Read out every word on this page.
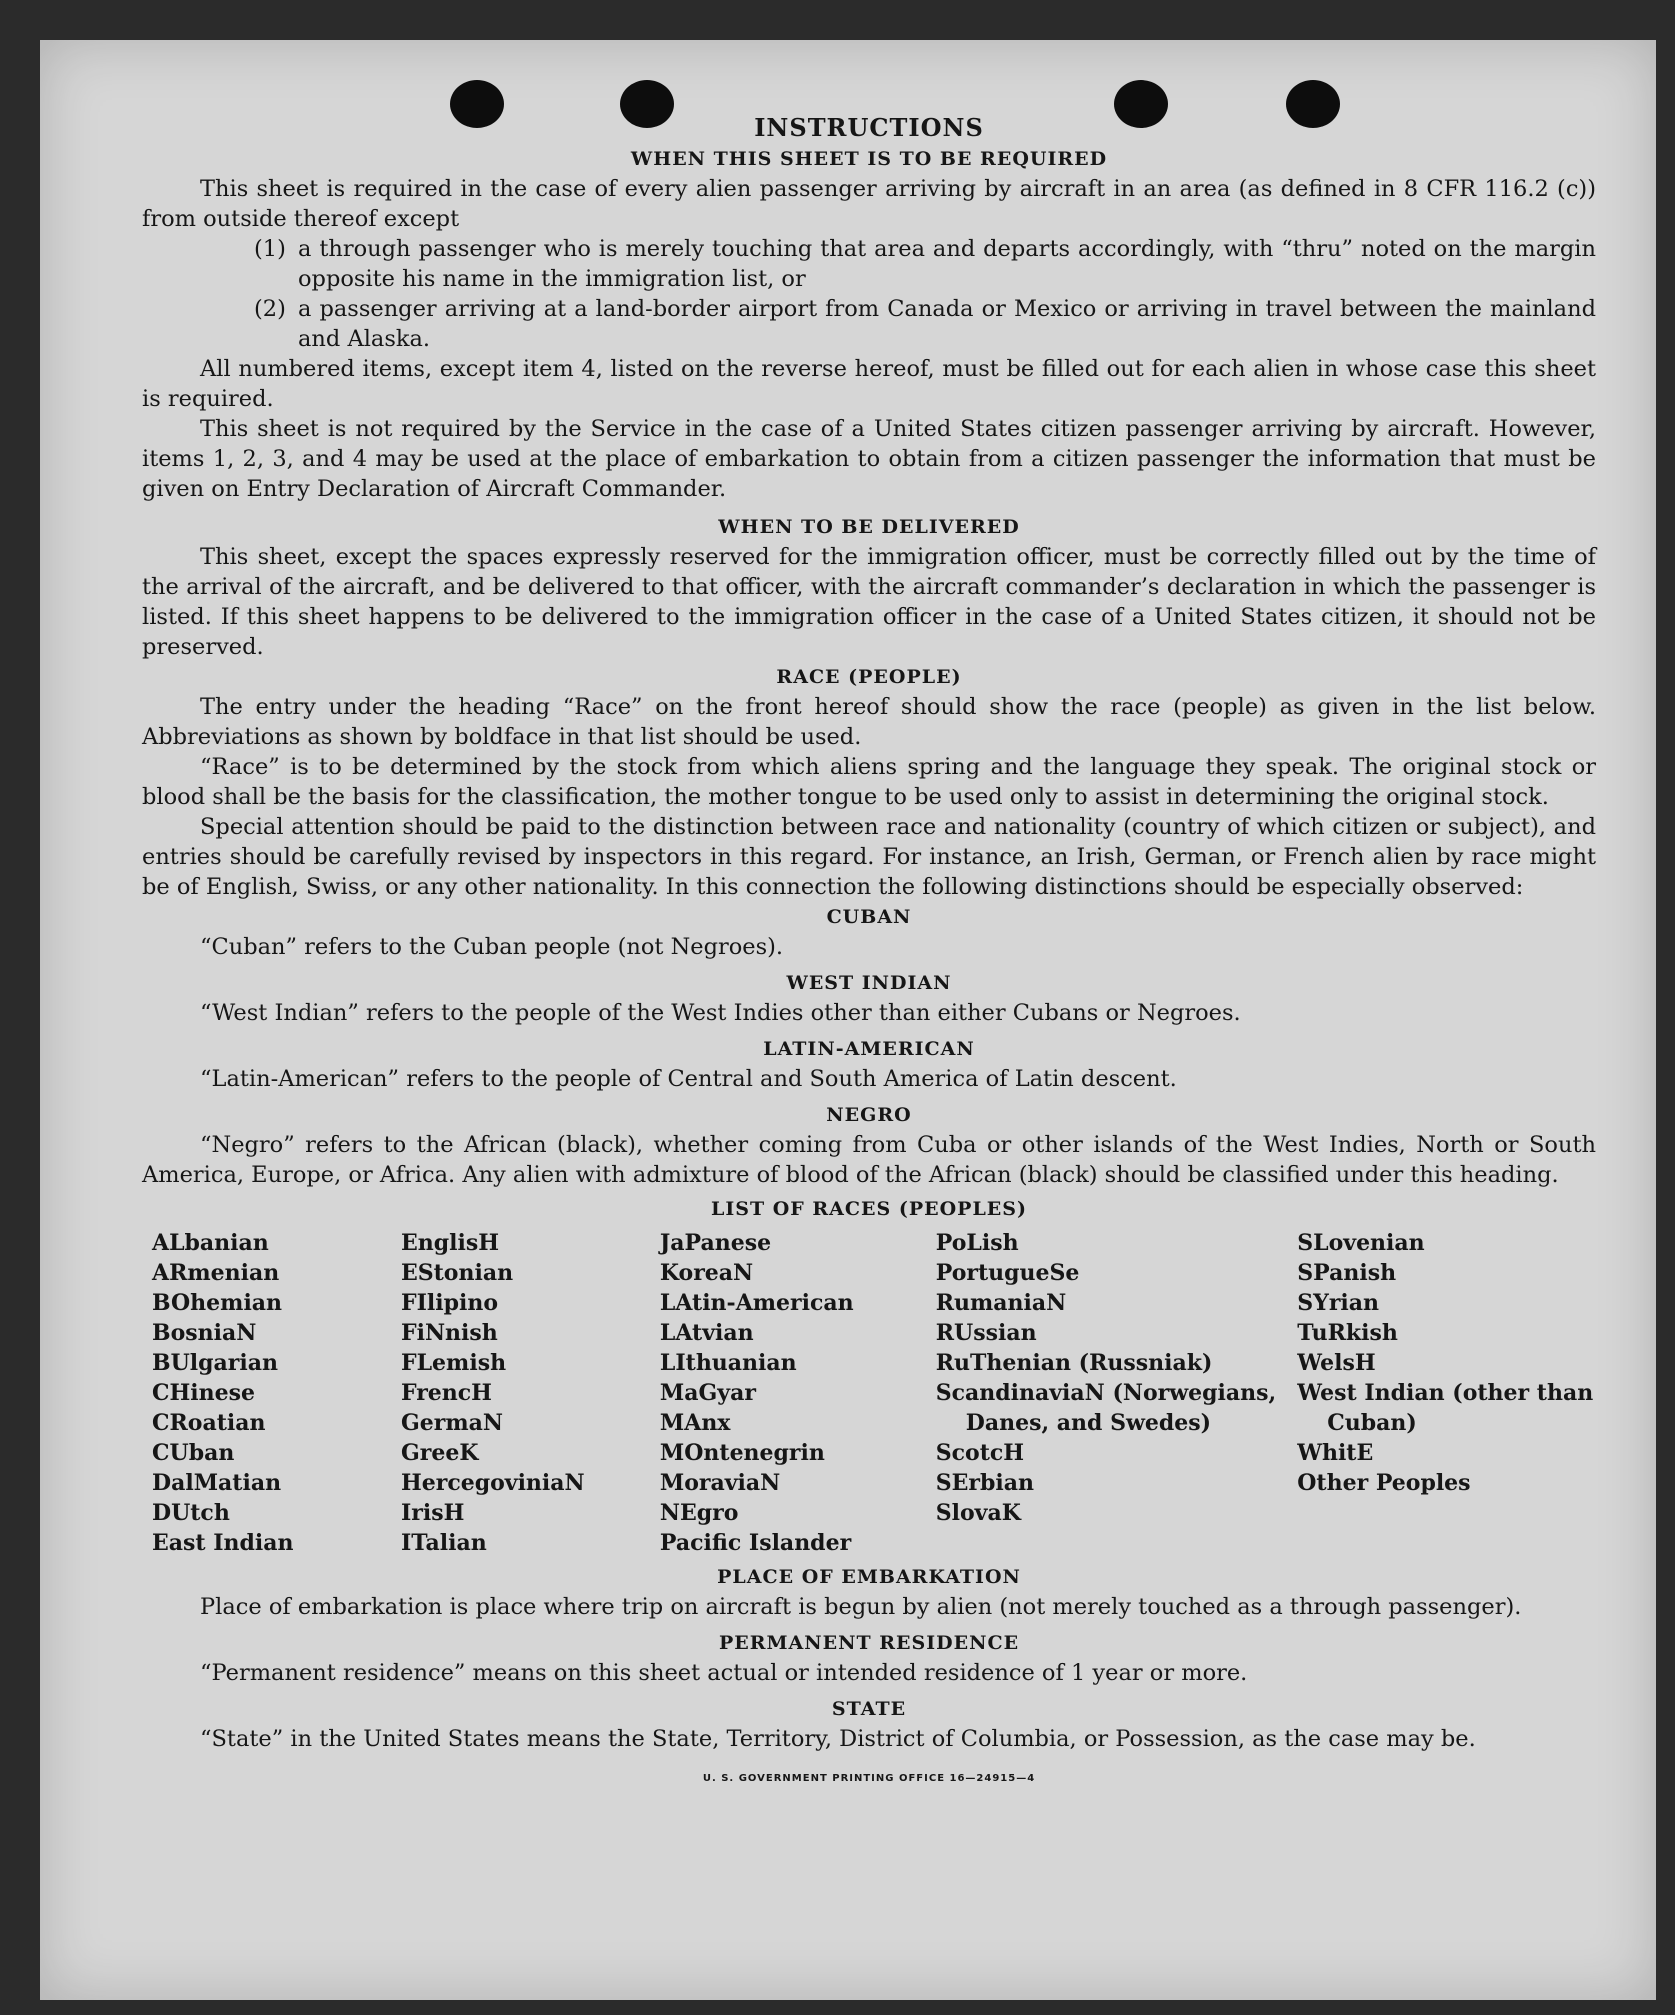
INSTRUCTIONS
WHEN THIS SHEET IS TO BE REQUIRED

This sheet is required in the case of every alien passenger arriving by aircraft in an area (as defined in 8 CFR 116.2 (c)) from outside thereof except

(1) a through passenger who is merely touching that area and departs accordingly, with “thru” noted on the margin opposite his name in the immigration list, or
(2) a passenger arriving at a land-border airport from Canada or Mexico or arriving in travel between the mainland and Alaska.

All numbered items, except item 4, listed on the reverse hereof, must be filled out for each alien in whose case this sheet is required.

This sheet is not required by the Service in the case of a United States citizen passenger arriving by aircraft. However, items 1, 2, 3, and 4 may be used at the place of embarkation to obtain from a citizen passenger the information that must be given on Entry Declaration of Aircraft Commander.

WHEN TO BE DELIVERED

This sheet, except the spaces expressly reserved for the immigration officer, must be correctly filled out by the time of the arrival of the aircraft, and be delivered to that officer, with the aircraft commander’s declaration in which the passenger is listed. If this sheet happens to be delivered to the immigration officer in the case of a United States citizen, it should not be preserved.

RACE (PEOPLE)

The entry under the heading “Race” on the front hereof should show the race (people) as given in the list below. Abbreviations as shown by boldface in that list should be used.

“Race” is to be determined by the stock from which aliens spring and the language they speak. The original stock or blood shall be the basis for the classification, the mother tongue to be used only to assist in determining the original stock.

Special attention should be paid to the distinction between race and nationality (country of which citizen or subject), and entries should be carefully revised by inspectors in this regard. For instance, an Irish, German, or French alien by race might be of English, Swiss, or any other nationality. In this connection the following distinctions should be especially observed:

CUBAN

“Cuban” refers to the Cuban people (not Negroes).

WEST INDIAN

“West Indian” refers to the people of the West Indies other than either Cubans or Negroes.

LATIN-AMERICAN

“Latin-American” refers to the people of Central and South America of Latin descent.

NEGRO

“Negro” refers to the African (black), whether coming from Cuba or other islands of the West Indies, North or South America, Europe, or Africa. Any alien with admixture of blood of the African (black) should be classified under this heading.

LIST OF RACES (PEOPLES)
ALbanian
ARmenian
BOhemian
BosniaN
BUlgarian
CHinese
CRoatian
CUban
DalMatian
DUtch
East Indian
EnglisH
EStonian
FIlipino
FiNnish
FLemish
FrencH
GermaN
GreeK
HercegoviniaN
IrisH
ITalian
JaPanese
KoreaN
LAtin-American
LAtvian
LIthuanian
MaGyar
MAnx
MOntenegrin
MoraviaN
NEgro
Pacific Islander
PoLish
PortugueSe
RumaniaN
RUssian
RuThenian (Russniak)
ScandinaviaN (Norwegians, Danes, and Swedes)
ScotcH
SErbian
SlovaK
SLovenian
SPanish
SYrian
TuRkish
WelsH
West Indian (other than Cuban)
WhitE
Other Peoples
PLACE OF EMBARKATION

Place of embarkation is place where trip on aircraft is begun by alien (not merely touched as a through passenger).

PERMANENT RESIDENCE

“Permanent residence” means on this sheet actual or intended residence of 1 year or more.

STATE

“State” in the United States means the State, Territory, District of Columbia, or Possession, as the case may be.

U. S. GOVERNMENT PRINTING OFFICE 16—24915—4
